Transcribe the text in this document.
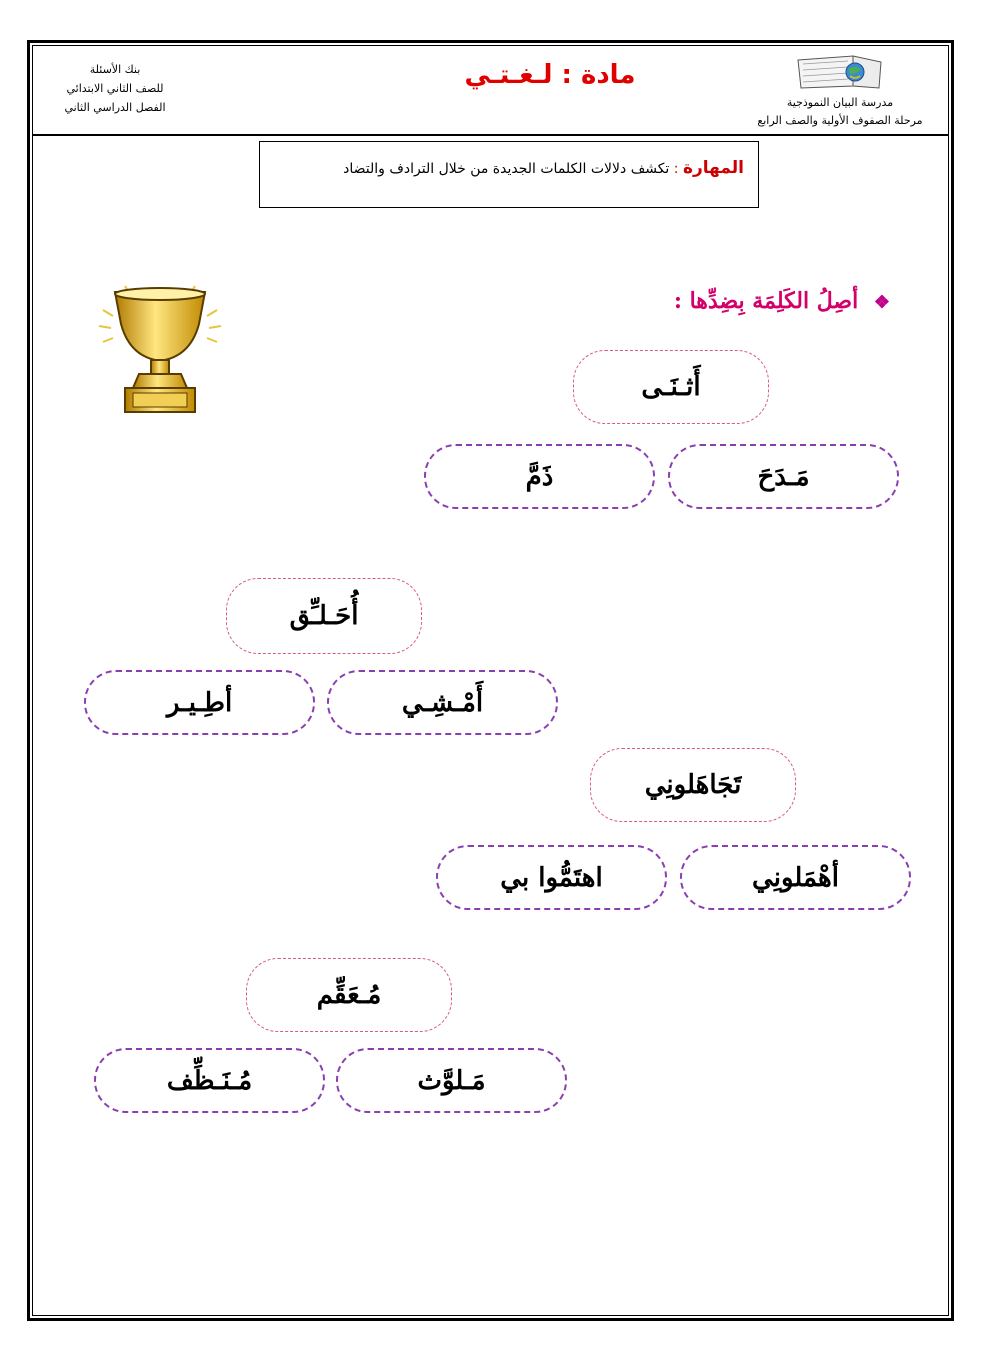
بنك الأسئلة
للصف الثاني الابتدائي
الفصل الدراسي الثاني
مادة : لـغـتـي
مدرسة البيان النموذجية
مرحلة الصفوف الأولية والصف الرابع
المهارة : تكشف دلالات الكلمات الجديدة من خلال الترادف والتضاد
❖ أصِلُ الكَلِمَة بِضِدِّها :
أَثـنَـى
مَـدَحَ
ذَمَّ
أُحَـلـِّق
أَمْـشِـي
أطِـيـر
تَجَاهَلونِي
أهْمَلونِي
اهتَمُّوا بي
مُـعَقِّم
مَـلوَّث
مُـنَـظِّف
